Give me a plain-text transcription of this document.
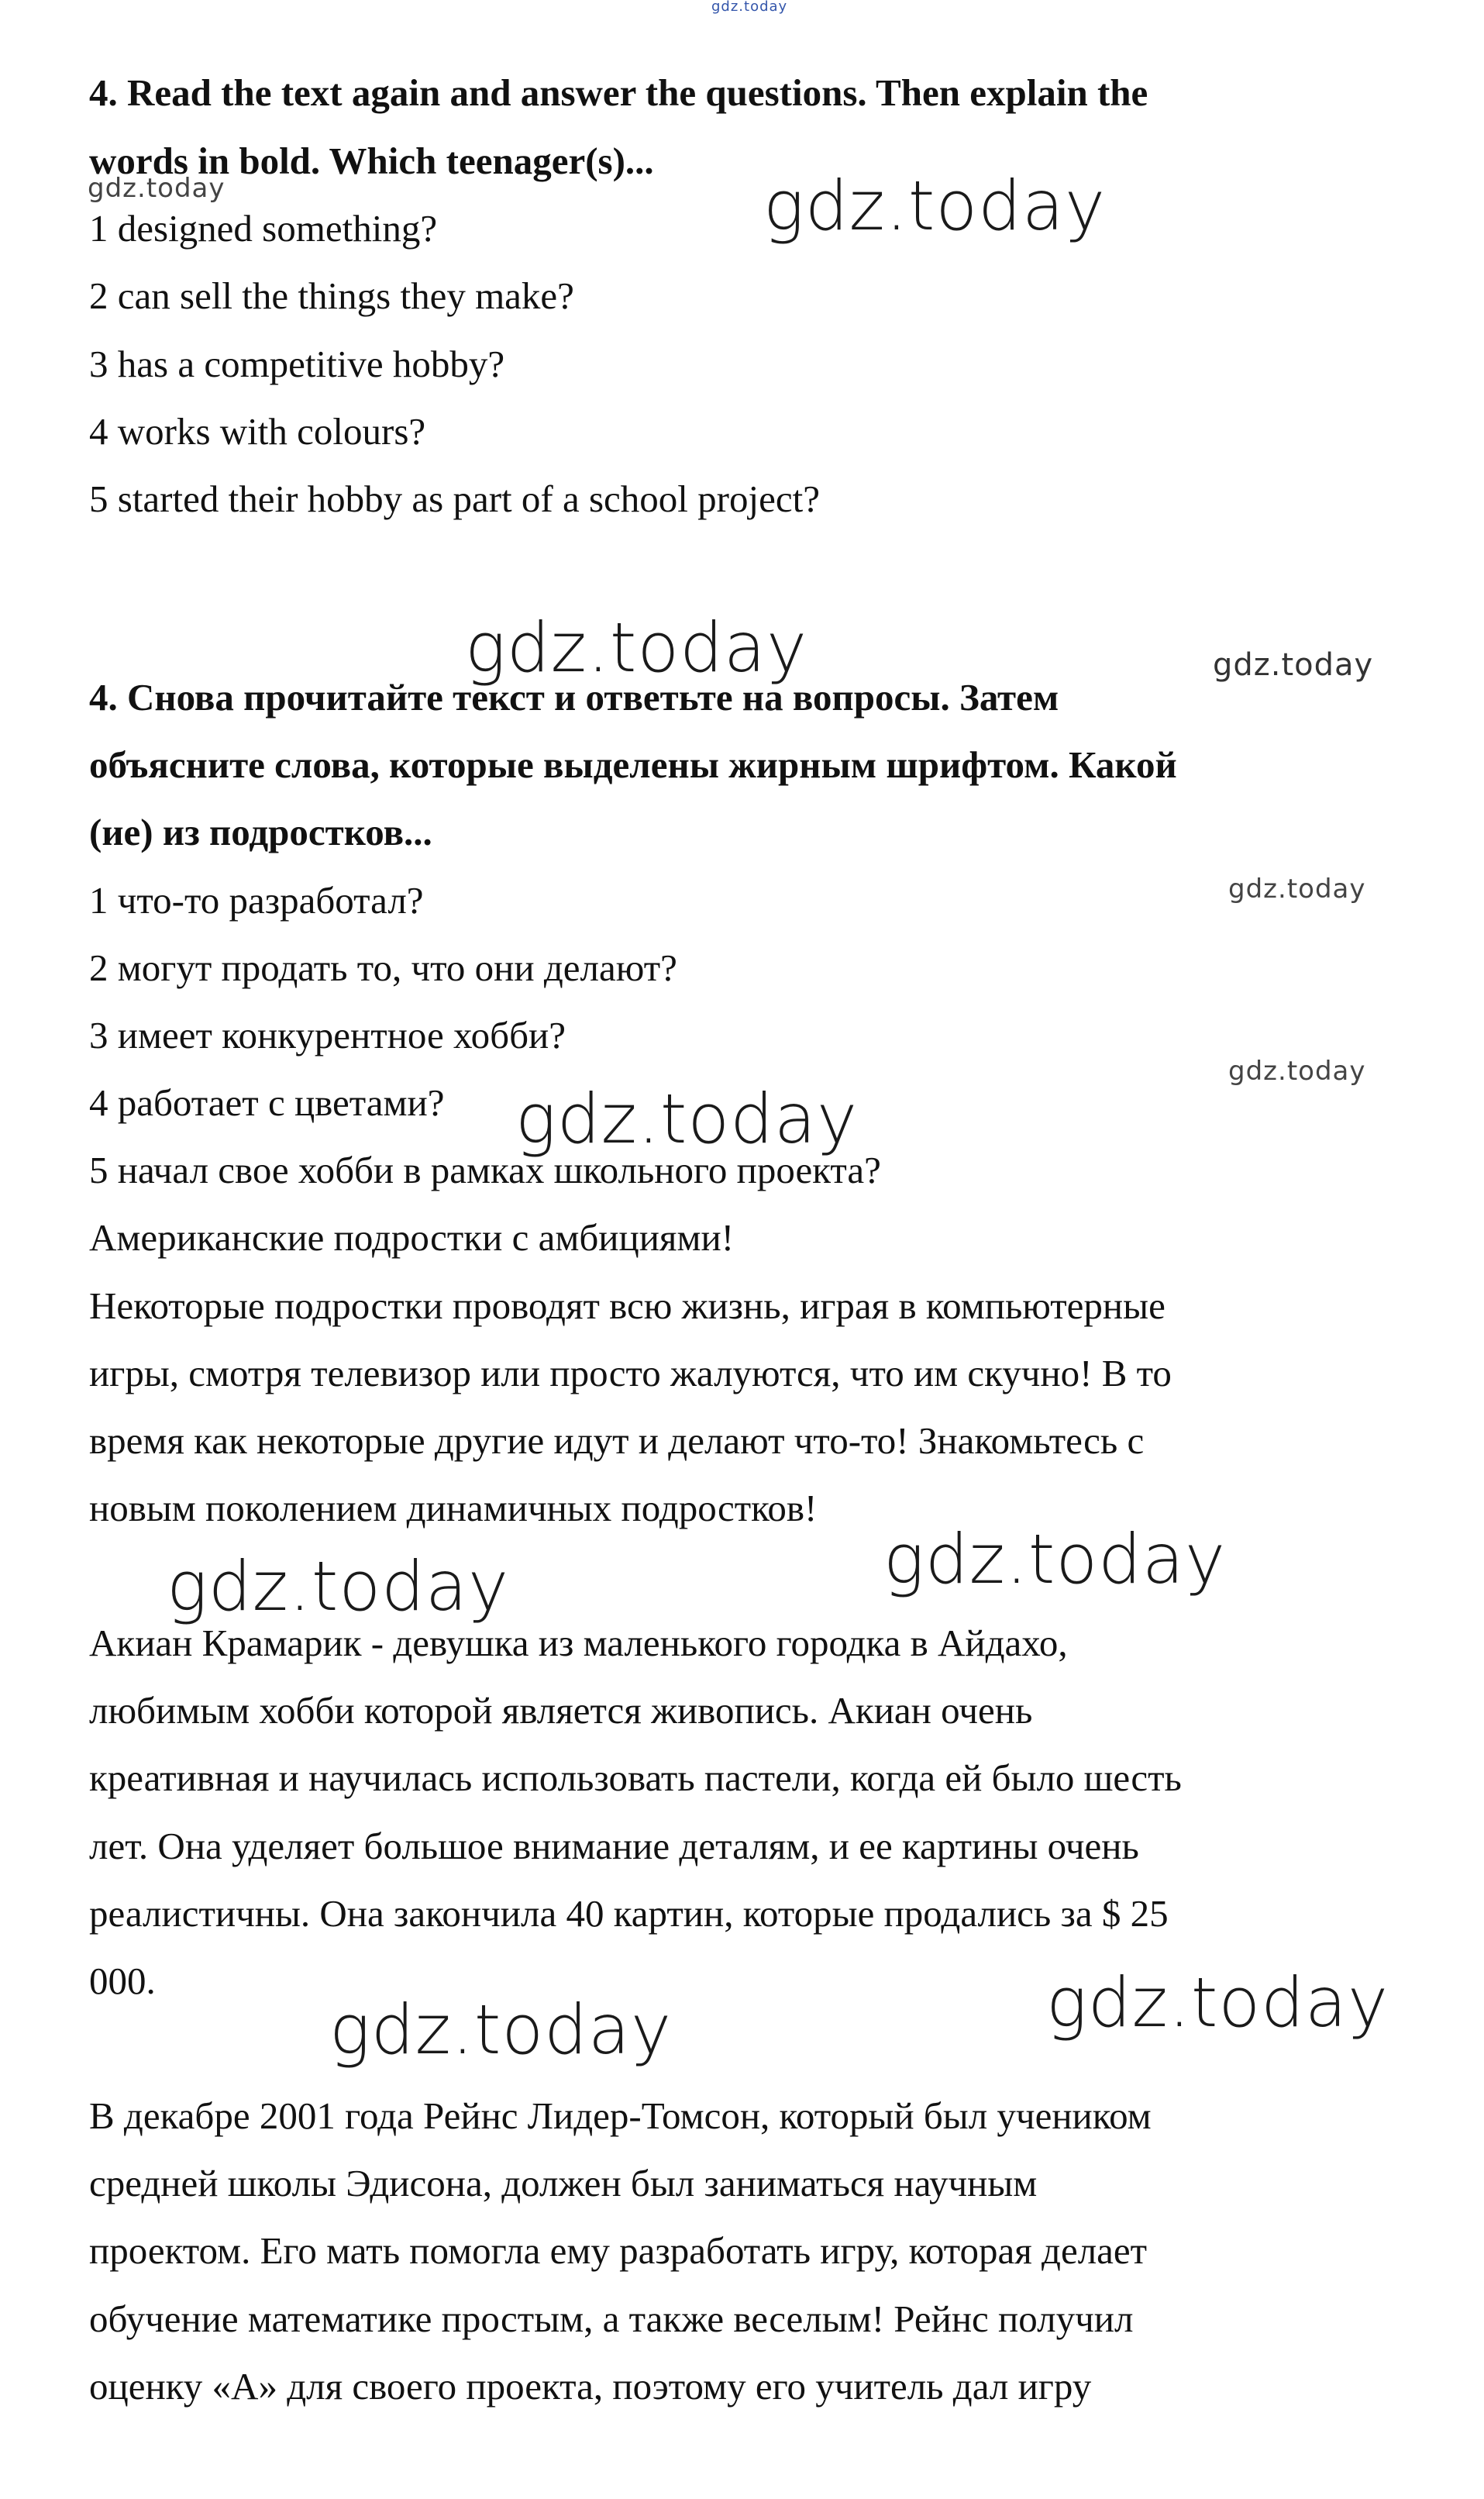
gdz.today
gdz.today	gdz.today
gdz.today	gdz.today
gdz.today
gdz.today
gdz.today
gdz.today	gdz.today
gdz.today	gdz.today
4. Read the text again and answer the questions. Then explain the
words in bold. Which teenager(s)...
1 designed something?
2 can sell the things they make?
3 has a competitive hobby?
4 works with colours?
5 started their hobby as part of a school project?
4. Снова прочитайте текст и ответьте на вопросы. Затем
объясните слова, которые выделены жирным шрифтом. Какой
(ие) из подростков...
1 что-то разработал?
2 могут продать то, что они делают?
3 имеет конкурентное хобби?
4 работает с цветами?
5 начал свое хобби в рамках школьного проекта?
Американские подростки с амбициями!
Некоторые подростки проводят всю жизнь, играя в компьютерные
игры, смотря телевизор или просто жалуются, что им скучно! В то
время как некоторые другие идут и делают что-то! Знакомьтесь с
новым поколением динамичных подростков!
Акиан Крамарик - девушка из маленького городка в Айдахо,
любимым хобби которой является живопись. Акиан очень
креативная и научилась использовать пастели, когда ей было шесть
лет. Она уделяет большое внимание деталям, и ее картины очень
реалистичны. Она закончила 40 картин, которые продались за $ 25
000.
В декабре 2001 года Рейнс Лидер-Томсон, который был учеником
средней школы Эдисона, должен был заниматься научным
проектом. Его мать помогла ему разработать игру, которая делает
обучение математике простым, а также веселым! Рейнс получил
оценку «А» для своего проекта, поэтому его учитель дал игру
